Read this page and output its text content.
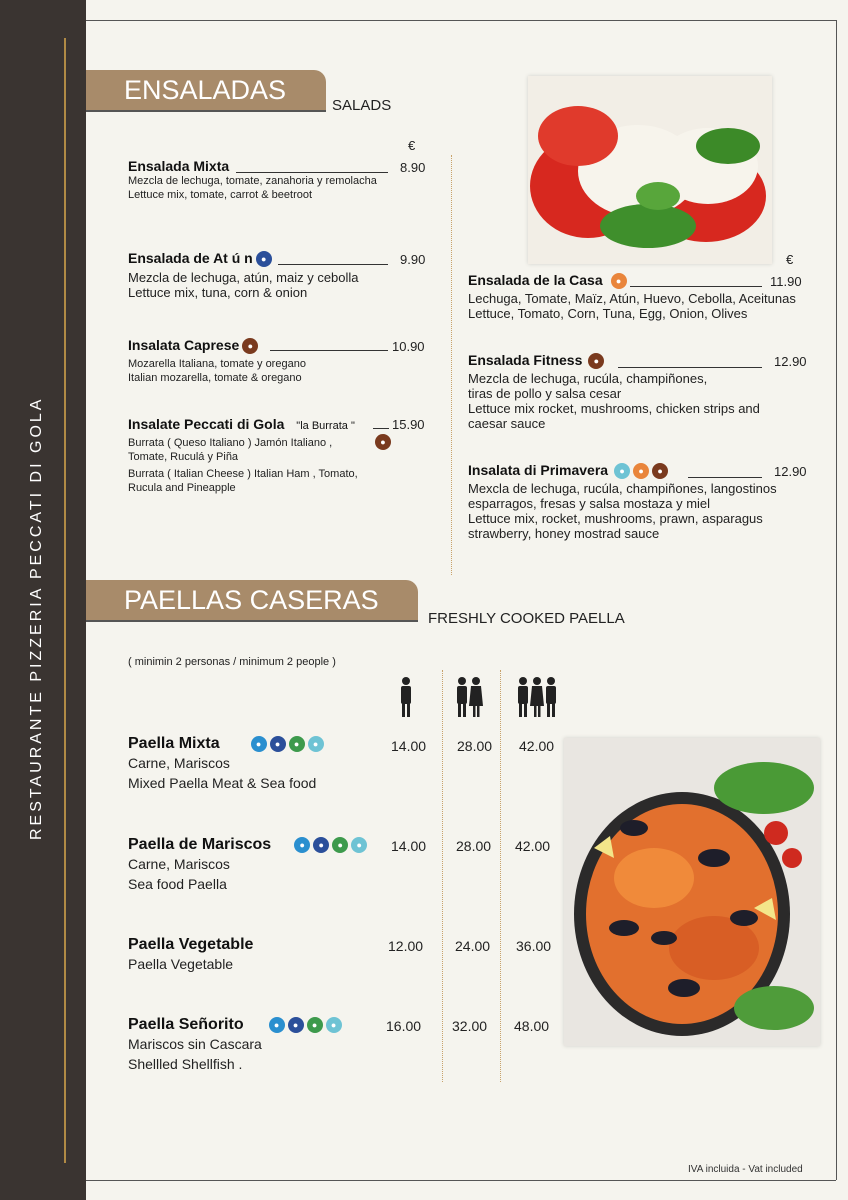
RESTAURANTE PIZZERIA PECCATI DI GOLA
ENSALADAS
SALADS
€
Ensalada Mixta
Mezcla de lechuga, tomate, zanahoria y remolacha
Lettuce mix, tomate, carrot & beetroot
8.90
Ensalada de At ú n ●
Mezcla de lechuga, atún, maiz y cebolla
Lettuce mix, tuna, corn & onion
9.90
Insalata Caprese ●
Mozarella Italiana, tomate y oregano
Italian mozarella, tomate & oregano
10.90
Insalate Peccati di Gola "la Burrata "
Burrata ( Queso Italiano ) Jamón Italiano , Tomate, Ruculá y Piña
Burrata ( Italian Cheese ) Italian Ham , Tomato, Rucula and Pineapple
●
15.90
€
Ensalada de la Casa ●
Lechuga, Tomate, Maïz, Atún, Huevo, Cebolla, Aceitunas
Lettuce, Tomato, Corn, Tuna, Egg, Onion, Olives
11.90
Ensalada Fitness ●
Mezcla de lechuga, rucúla, champiñones,
tiras de pollo y salsa cesar
Lettuce mix rocket, mushrooms, chicken strips and
caesar sauce
12.90
Insalata di Primavera ● ● ●
Mexcla de lechuga, rucúla, champiñones, langostinos
esparragos, fresas y salsa mostaza y miel
Lettuce mix, rocket, mushrooms, prawn, asparagus
strawberry, honey mostrad sauce
12.90
PAELLAS CASERAS
FRESHLY COOKED PAELLA
( minimin 2 personas / minimum 2 people )
Paella Mixta	● ● ● ●
Carne, Mariscos
Mixed Paella Meat & Sea food
14.00 28.00 42.00
Paella de Mariscos	● ● ● ●
Carne, Mariscos
Sea food Paella
14.00 28.00 42.00
Paella Vegetable
Paella Vegetable
12.00 24.00 36.00
Paella Señorito	● ● ● ●
Mariscos sin Cascara
Shellled Shellfish .
16.00 32.00 48.00
IVA incluida - Vat included
